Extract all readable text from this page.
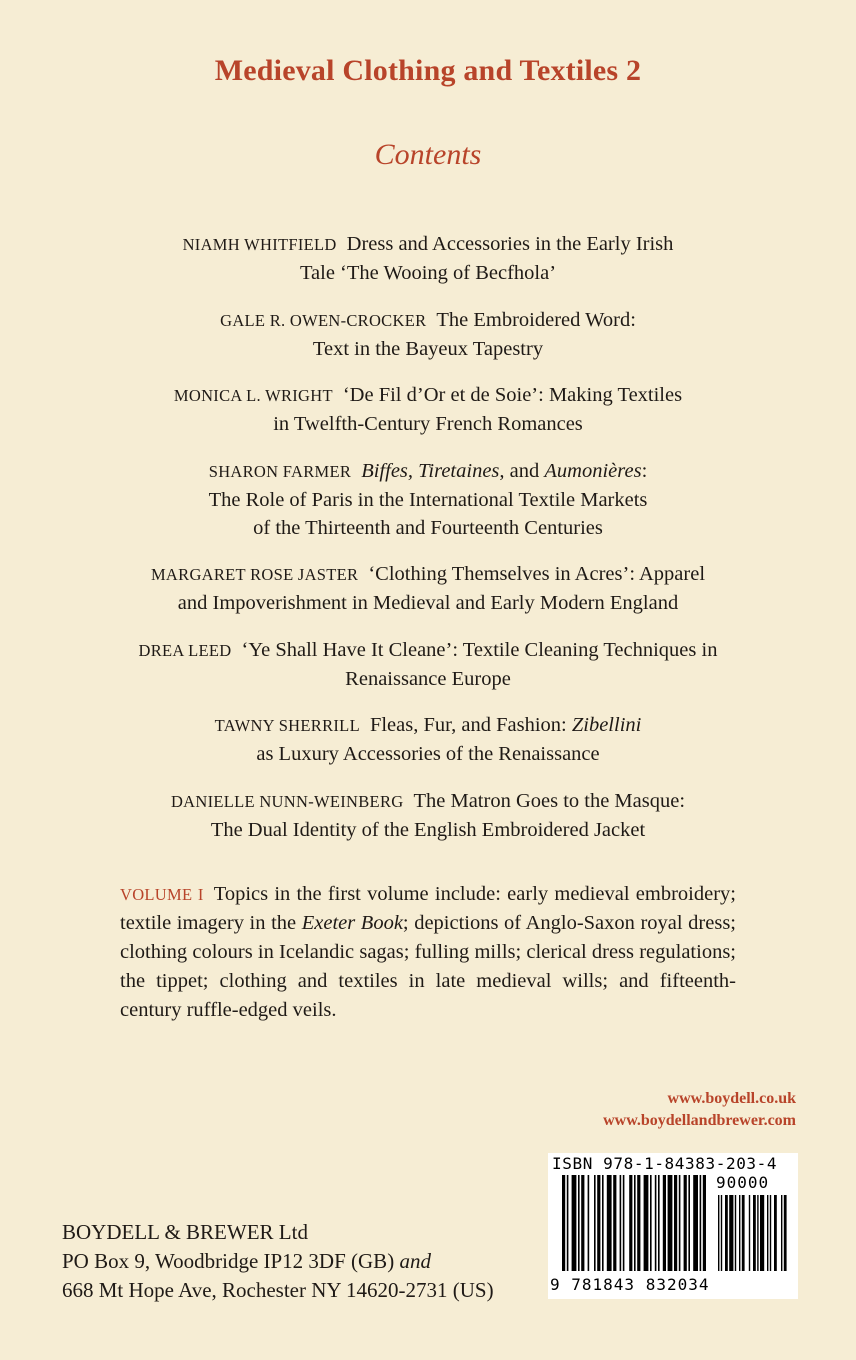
Medieval Clothing and Textiles 2
Contents
NIAMH WHITFIELD Dress and Accessories in the Early Irish
Tale ‘The Wooing of Becfhola’
GALE R. OWEN-CROCKER The Embroidered Word:
Text in the Bayeux Tapestry
MONICA L. WRIGHT ‘De Fil d’Or et de Soie’: Making Textiles
in Twelfth-Century French Romances
SHARON FARMER Biffes, Tiretaines, and Aumonières:
The Role of Paris in the International Textile Markets
of the Thirteenth and Fourteenth Centuries
MARGARET ROSE JASTER ‘Clothing Themselves in Acres’: Apparel
and Impoverishment in Medieval and Early Modern England
DREA LEED ‘Ye Shall Have It Cleane’: Textile Cleaning Techniques in
Renaissance Europe
TAWNY SHERRILL Fleas, Fur, and Fashion: Zibellini
as Luxury Accessories of the Renaissance
DANIELLE NUNN-WEINBERG The Matron Goes to the Masque:
The Dual Identity of the English Embroidered Jacket
VOLUME I Topics in the first volume include: early medieval embroidery; textile imagery in the Exeter Book; depictions of Anglo-Saxon royal dress; clothing colours in Icelandic sagas; fulling mills; clerical dress regulations; the tippet; clothing and textiles in late medieval wills; and fifteenth-century ruffle-edged veils.
www.boydell.co.uk
www.boydellandbrewer.com
BOYDELL & BREWER Ltd
PO Box 9, Woodbridge IP12 3DF (GB) and
668 Mt Hope Ave, Rochester NY 14620-2731 (US)
ISBN 978-1-84383-203-4
90000
9 781843 832034
